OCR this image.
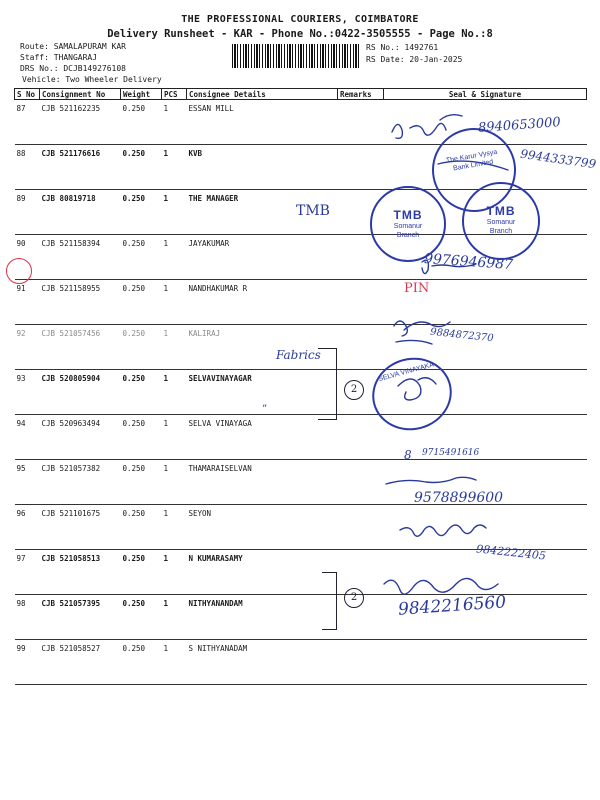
THE PROFESSIONAL COURIERS, COIMBATORE
Delivery Runsheet - KAR - Phone No.:0422-3505555 - Page No.:8
Route: SAMALAPURAM KAR
Staff: THANGARAJ
DRS No.: DCJB149276108
Vehicle: Two Wheeler Delivery
RS No.: 1492761
RS Date: 20-Jan-2025
S No	Consignment No	Weight	PCS	Consignee Details	Remarks	Seal & Signature
87	CJB 521162235	0.250	1	ESSAN MILL		
88	CJB 521176616	0.250	1	KVB		
89	CJB 80819718	0.250	1	THE MANAGER		
90	CJB 521158394	0.250	1	JAYAKUMAR		
91	CJB 521158955	0.250	1	NANDHAKUMAR R		
92	CJB 521057456	0.250	1	KALIRAJ		
93	CJB 520805904	0.250	1	SELVAVINAYAGAR		
94	CJB 520963494	0.250	1	SELVA VINAYAGA		
95	CJB 521057382	0.250	1	THAMARAISELVAN		
96	CJB 521101675	0.250	1	SEYON		
97	CJB 521058513	0.250	1	N KUMARASAMY		
98	CJB 521057395	0.250	1	NITHYANANDAM		
99	CJB 521058527	0.250	1	S NITHYANADAM		
The Karur Vysya Bank Limited
TMB
Somanur Branch
TMB
Somanur Branch
SELVA VINAYAKA
8940653000
9944333799
TMB
9976946987
PIN
9884872370
Fabrics
”
8 9715491616
9578899600
9842222405
9842216560
2
2
